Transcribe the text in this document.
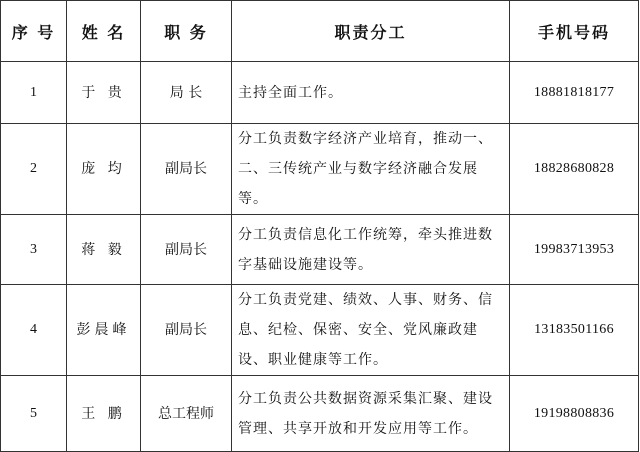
序 号	姓 名	职 务	职责分工	手机号码
1	于 贵	局 长	主持全面工作。	18881818177
2	庞 均	副局长	分工负责数字经济产业培育，推动一、二、三传统产业与数字经济融合发展等。	18828680828
3	蒋 毅	副局长	分工负责信息化工作统筹，牵头推进数字基础设施建设等。	19983713953
4	彭晨峰	副局长	分工负责党建、绩效、人事、财务、信息、纪检、保密、安全、党风廉政建设、职业健康等工作。	13183501166
5	王 鹏	总工程师	分工负责公共数据资源采集汇聚、建设管理、共享开放和开发应用等工作。	19198808836
